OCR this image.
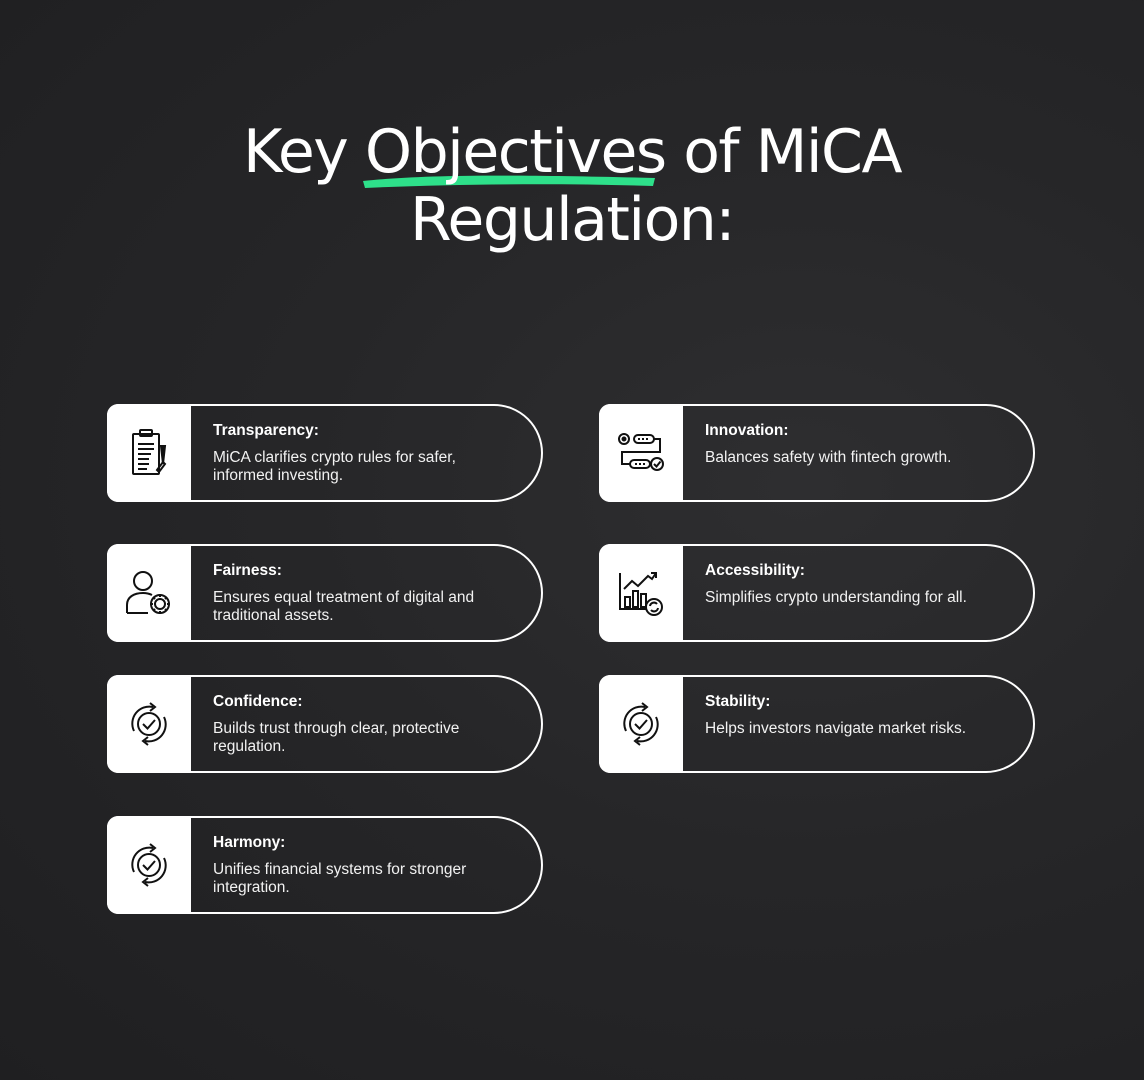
Key Objectives of MiCA
Regulation:
Transparency:
MiCA clarifies crypto rules for safer, informed investing.
Innovation:
Balances safety with fintech growth.
Fairness:
Ensures equal treatment of digital and traditional assets.
Accessibility:
Simplifies crypto understanding for all.
Confidence:
Builds trust through clear, protective regulation.
Stability:
Helps investors navigate market risks.
Harmony:
Unifies financial systems for stronger integration.
